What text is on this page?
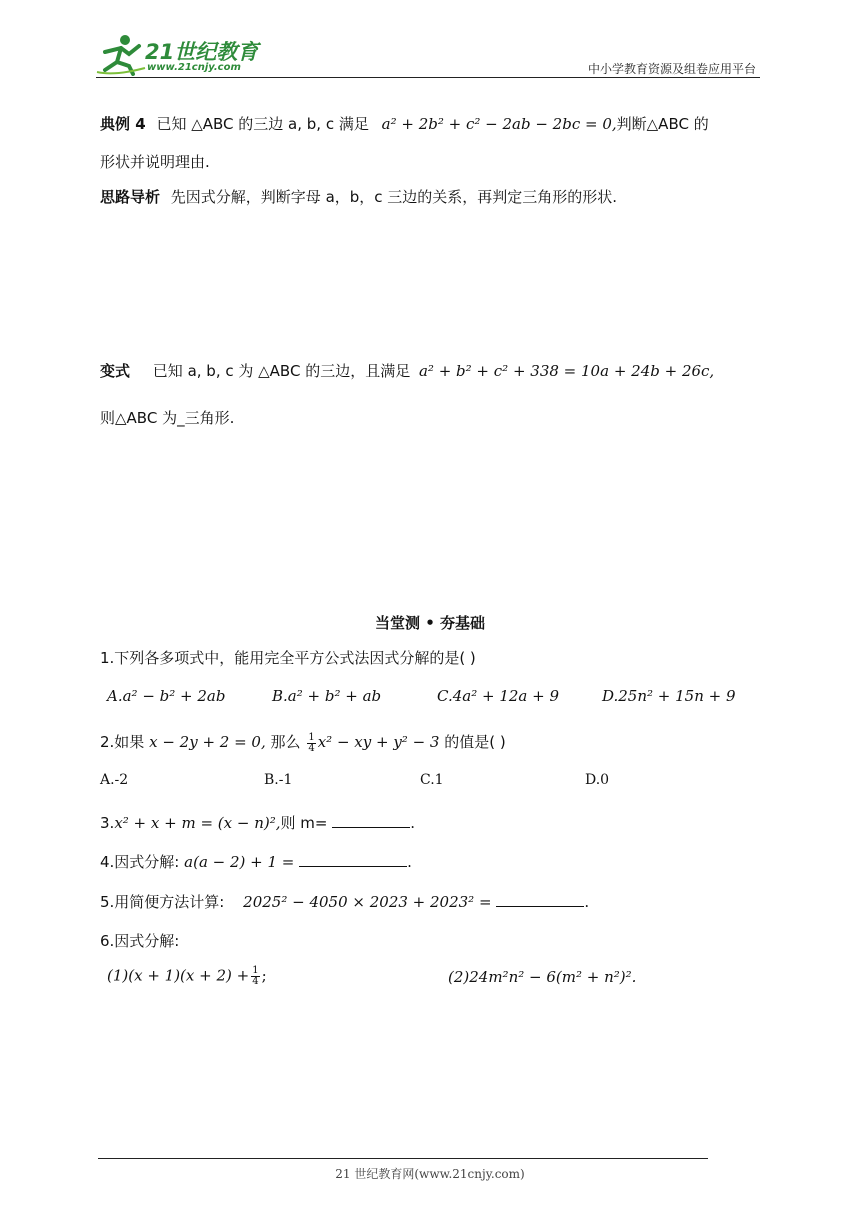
21世纪教育
www.21cnjy.com	中小学教育资源及组卷应用平台
典例 4 已知 △ABC 的三边 a, b, c 满足 a² + 2b² + c² − 2ab − 2bc = 0,判断△ABC 的
形状并说明理由.
思路导析 先因式分解，判断字母 a，b，c 三边的关系，再判定三角形的形状.
变式 已知 a, b, c 为 △ABC 的三边，且满足 a² + b² + c² + 338 = 10a + 24b + 26c,
则△ABC 为_三角形.
当堂测 • 夯基础
1.下列各多项式中，能用完全平方公式法因式分解的是( )
A.a² − b² + 2ab	B.a² + b² + ab	C.4a² + 12a + 9	D.25n² + 15n + 9
2.如果 x − 2y + 2 = 0, 那么 $\frac{1}{4} x^2$ − xy + y² − 3 的值是( )
A.-2	B.-1	C.1	D.0
3.x² + x + m = (x − n)²,则 m=	.
4.因式分解: a(a − 2) + 1 =	.
5.用简便方法计算: 2025² − 4050 × 2023 + 2023² =	.
6.因式分解:
$(1)(x + 1)(x + 2) + \frac{1}{4}$ ;	(2)24m²n² − 6(m² + n²)².
21 世纪教育网(www.21cnjy.com)
